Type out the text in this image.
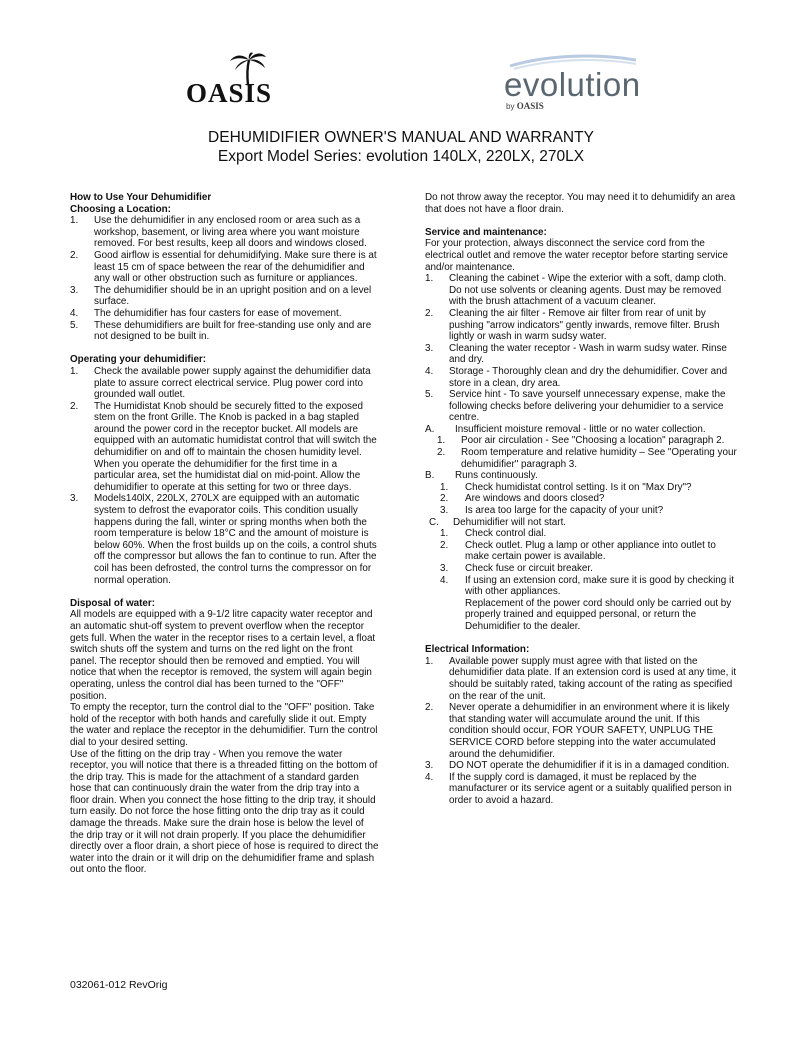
OASIS	evolution
by OASIS
DEHUMIDIFIER OWNER'S MANUAL AND WARRANTY
Export Model Series: evolution 140LX, 220LX, 270LX
How to Use Your Dehumidifier
Choosing a Location:
1. Use the dehumidifier in any enclosed room or area such as a workshop, basement, or living area where you want moisture removed. For best results, keep all doors and windows closed.
2. Good airflow is essential for dehumidifying. Make sure there is at least 15 cm of space between the rear of the dehumidifier and any wall or other obstruction such as furniture or appliances.
3. The dehumidifier should be in an upright position and on a level surface.
4. The dehumidifier has four casters for ease of movement.
5. These dehumidifiers are built for free-standing use only and are not designed to be built in.
Operating your dehumidifier:
1. Check the available power supply against the dehumidifier data plate to assure correct electrical service. Plug power cord into grounded wall outlet.
2. The Humidistat Knob should be securely fitted to the exposed stem on the front Grille. The Knob is packed in a bag stapled around the power cord in the receptor bucket. All models are equipped with an automatic humidistat control that will switch the dehumidifier on and off to maintain the chosen humidity level. When you operate the dehumidifier for the first time in a particular area, set the humidistat dial on mid-point. Allow the dehumidifier to operate at this setting for two or three days.
3. Models140lX, 220LX, 270LX are equipped with an automatic system to defrost the evaporator coils. This condition usually happens during the fall, winter or spring months when both the room temperature is below 18°C and the amount of moisture is below 60%. When the frost builds up on the coils, a control shuts off the compressor but allows the fan to continue to run. After the coil has been defrosted, the control turns the compressor on for normal operation.
Disposal of water:
All models are equipped with a 9-1/2 litre capacity water receptor and an automatic shut-off system to prevent overflow when the receptor gets full. When the water in the receptor rises to a certain level, a float switch shuts off the system and turns on the red light on the front panel. The receptor should then be removed and emptied. You will notice that when the receptor is removed, the system will again begin operating, unless the control dial has been turned to the "OFF" position.
To empty the receptor, turn the control dial to the "OFF" position. Take hold of the receptor with both hands and carefully slide it out. Empty the water and replace the receptor in the dehumidifier. Turn the control dial to your desired setting.
Use of the fitting on the drip tray - When you remove the water receptor, you will notice that there is a threaded fitting on the bottom of the drip tray. This is made for the attachment of a standard garden hose that can continuously drain the water from the drip tray into a floor drain. When you connect the hose fitting to the drip tray, it should turn easily. Do not force the hose fitting onto the drip tray as it could damage the threads. Make sure the drain hose is below the level of the drip tray or it will not drain properly. If you place the dehumidifier directly over a floor drain, a short piece of hose is required to direct the water into the drain or it will drip on the dehumidifier frame and splash out onto the floor.
Do not throw away the receptor. You may need it to dehumidify an area that does not have a floor drain.
Service and maintenance:
For your protection, always disconnect the service cord from the electrical outlet and remove the water receptor before starting service and/or maintenance.
1. Cleaning the cabinet - Wipe the exterior with a soft, damp cloth. Do not use solvents or cleaning agents. Dust may be removed with the brush attachment of a vacuum cleaner.
2. Cleaning the air filter - Remove air filter from rear of unit by pushing "arrow indicators" gently inwards, remove filter. Brush lightly or wash in warm sudsy water.
3. Cleaning the water receptor - Wash in warm sudsy water. Rinse and dry.
4. Storage - Thoroughly clean and dry the dehumidifier. Cover and store in a clean, dry area.
5. Service hint - To save yourself unnecessary expense, make the following checks before delivering your dehumidier to a service centre.
A. Insufficient moisture removal - little or no water collection.
1. Poor air circulation - See "Choosing a location" paragraph 2.
2. Room temperature and relative humidity – See "Operating your dehumidifier" paragraph 3.
B. Runs continuously.
1. Check humidistat control setting. Is it on "Max Dry"?
2. Are windows and doors closed?
3. Is area too large for the capacity of your unit?
C. Dehumidifier will not start.
1. Check control dial.
2. Check outlet. Plug a lamp or other appliance into outlet to make certain power is available.
3. Check fuse or circuit breaker.
4. If using an extension cord, make sure it is good by checking it with other appliances.
Replacement of the power cord should only be carried out by properly trained and equipped personal, or return the Dehumidifier to the dealer.
Electrical Information:
1. Available power supply must agree with that listed on the dehumidifier data plate. If an extension cord is used at any time, it should be suitably rated, taking account of the rating as specified on the rear of the unit.
2. Never operate a dehumidifier in an environment where it is likely that standing water will accumulate around the unit. If this condition should occur, FOR YOUR SAFETY, UNPLUG THE SERVICE CORD before stepping into the water accumulated around the dehumidifier.
3. DO NOT operate the dehumidifier if it is in a damaged condition.
4. If the supply cord is damaged, it must be replaced by the manufacturer or its service agent or a suitably qualified person in order to avoid a hazard.
032061-012 RevOrig
